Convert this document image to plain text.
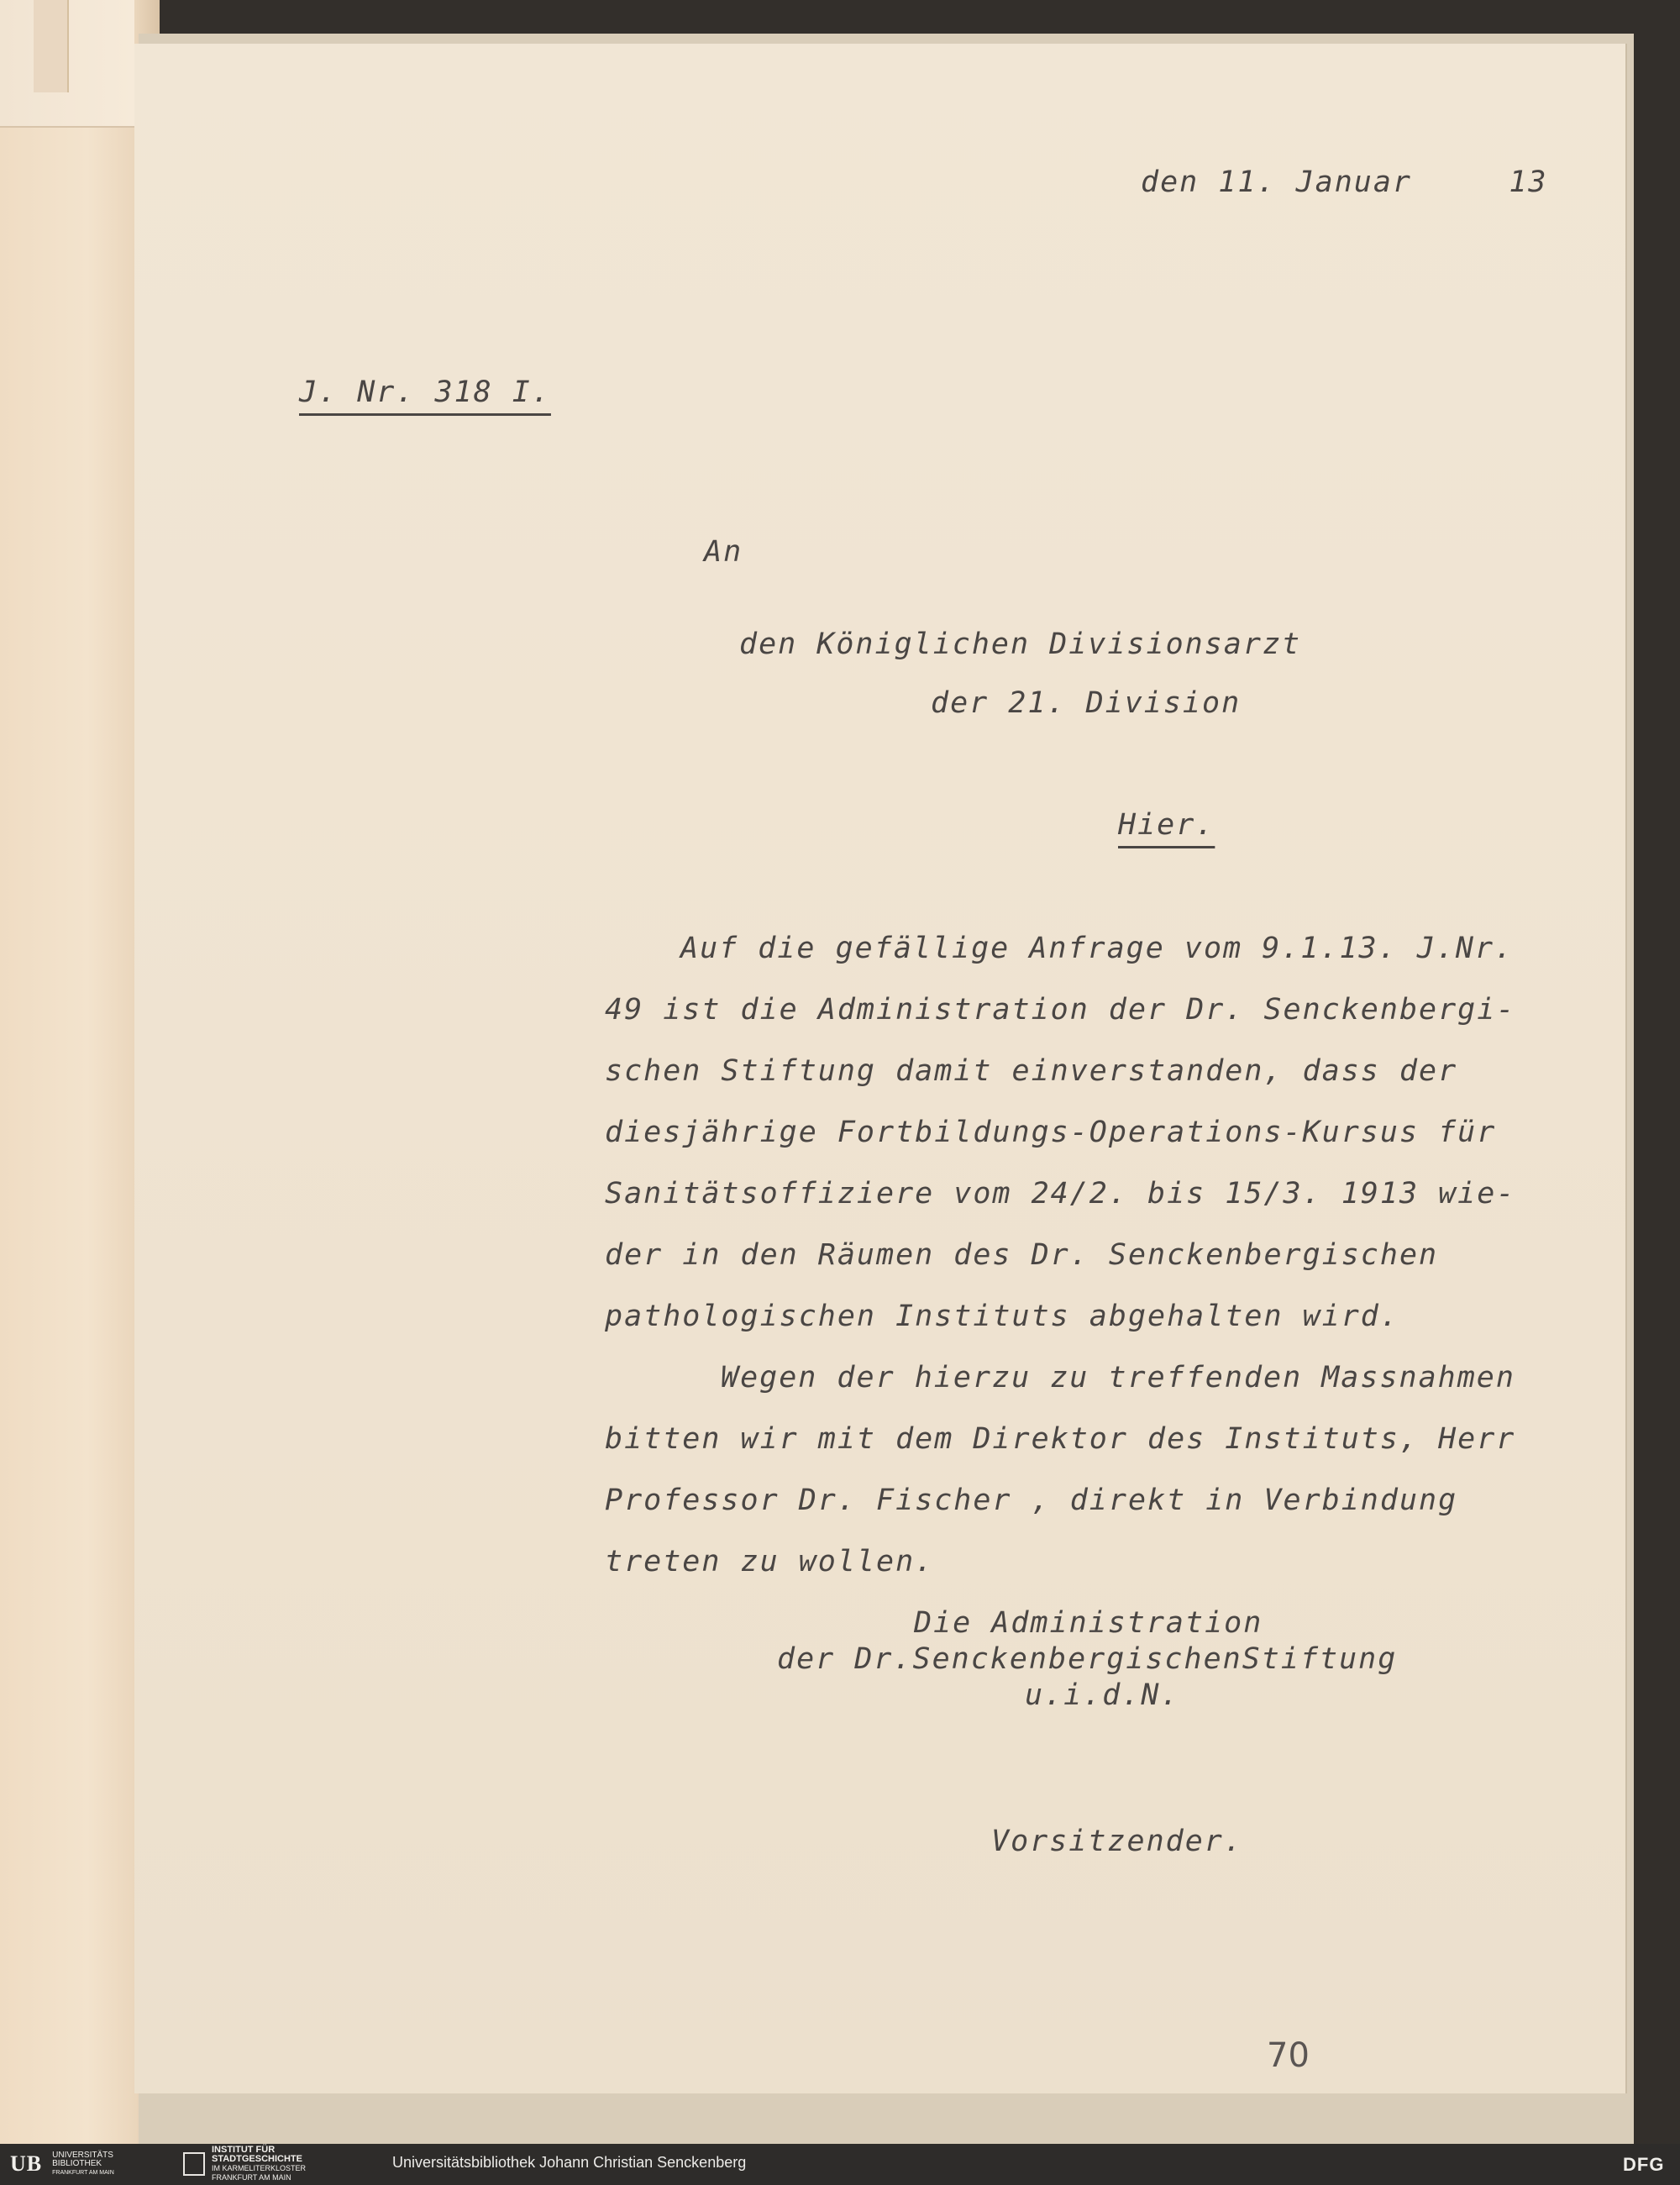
den 11. Januar     13

J. Nr. 318 I.

An

den Königlichen Divisionsarzt

der 21. Division

Hier.

Auf die gefällige Anfrage vom 9.1.13. J.Nr.

49 ist die Administration der Dr. Senckenbergi-

schen Stiftung damit einverstanden, dass der

diesjährige Fortbildungs-Operations-Kursus für

Sanitätsoffiziere vom 24/2. bis 15/3. 1913 wie-

der in den Räumen des Dr. Senckenbergischen

pathologischen Instituts abgehalten wird.

Wegen der hierzu zu treffenden Massnahmen

bitten wir mit dem Direktor des Instituts, Herr

Professor Dr. Fischer , direkt in Verbindung

treten zu wollen.

Die Administration

der Dr.SenckenbergischenStiftung

u.i.d.N.

Vorsitzender.

70

UB	UNIVERSITÄTS
BIBLIOTHEK
FRANKFURT AM MAIN
INSTITUT FÜR
STADTGESCHICHTE
IM KARMELITERKLOSTER
FRANKFURT AM MAIN
Universitätsbibliothek Johann Christian Senckenberg	DFG
